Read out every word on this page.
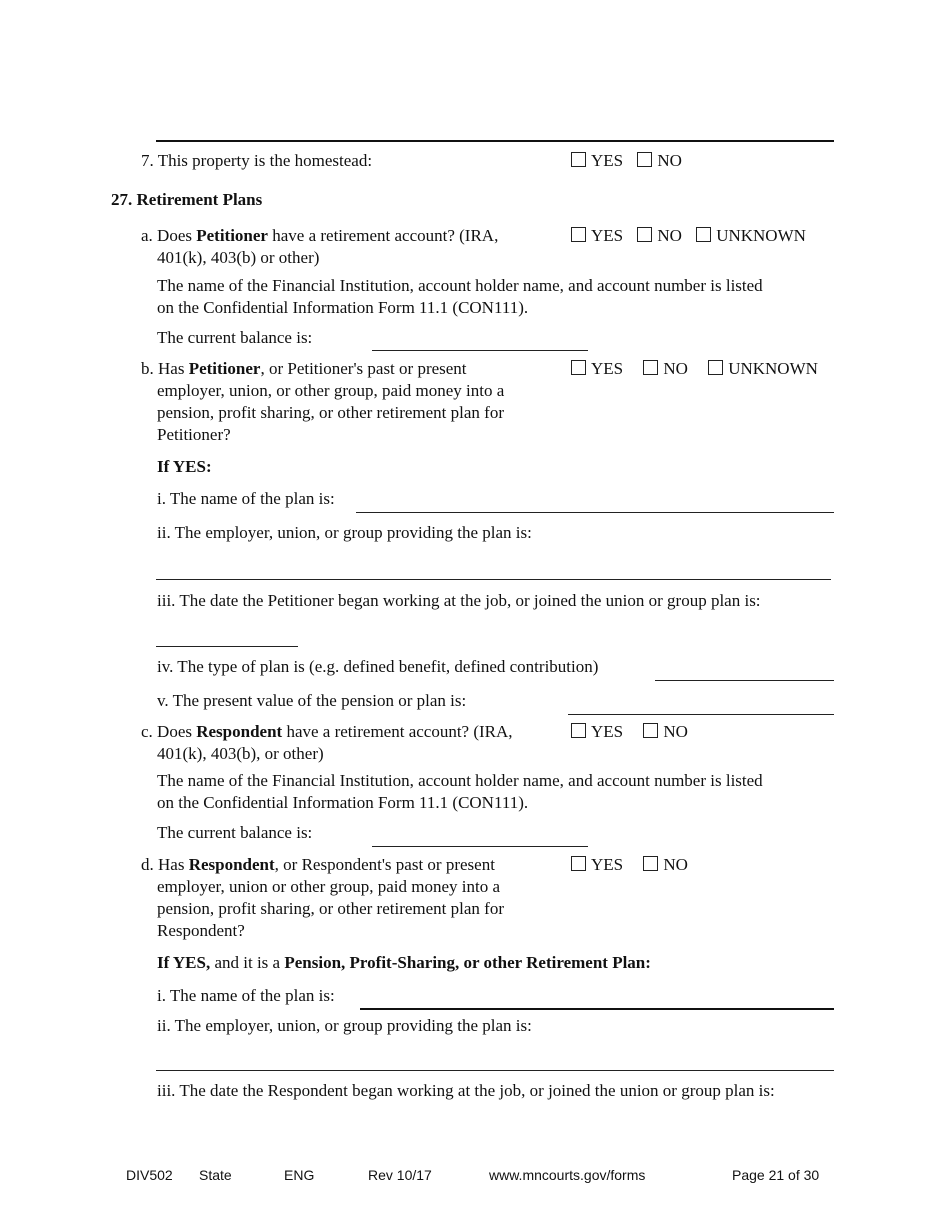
7. This property is the homestead:	YES NO
27. Retirement Plans
a. Does Petitioner have a retirement account? (IRA,
401(k), 403(b) or other)
YES NO UNKNOWN
The name of the Financial Institution, account holder name, and account number is listed
on the Confidential Information Form 11.1 (CON111).
The current balance is:
b. Has Petitioner, or Petitioner's past or present
employer, union, or other group, paid money into a
pension, profit sharing, or other retirement plan for
Petitioner?
YES NO UNKNOWN
If YES:
i. The name of the plan is:
ii. The employer, union, or group providing the plan is:
iii. The date the Petitioner began working at the job, or joined the union or group plan is:
iv. The type of plan is (e.g. defined benefit, defined contribution)
v. The present value of the pension or plan is:
c. Does Respondent have a retirement account? (IRA,
401(k), 403(b), or other)
YES NO
The name of the Financial Institution, account holder name, and account number is listed
on the Confidential Information Form 11.1 (CON111).
The current balance is:
d. Has Respondent, or Respondent's past or present
employer, union or other group, paid money into a
pension, profit sharing, or other retirement plan for
Respondent?
YES NO
If YES, and it is a Pension, Profit-Sharing, or other Retirement Plan:
i. The name of the plan is:
ii. The employer, union, or group providing the plan is:
iii. The date the Respondent began working at the job, or joined the union or group plan is:
DIV502 State	ENG	Rev 10/17	www.mncourts.gov/forms	Page 21 of 30
